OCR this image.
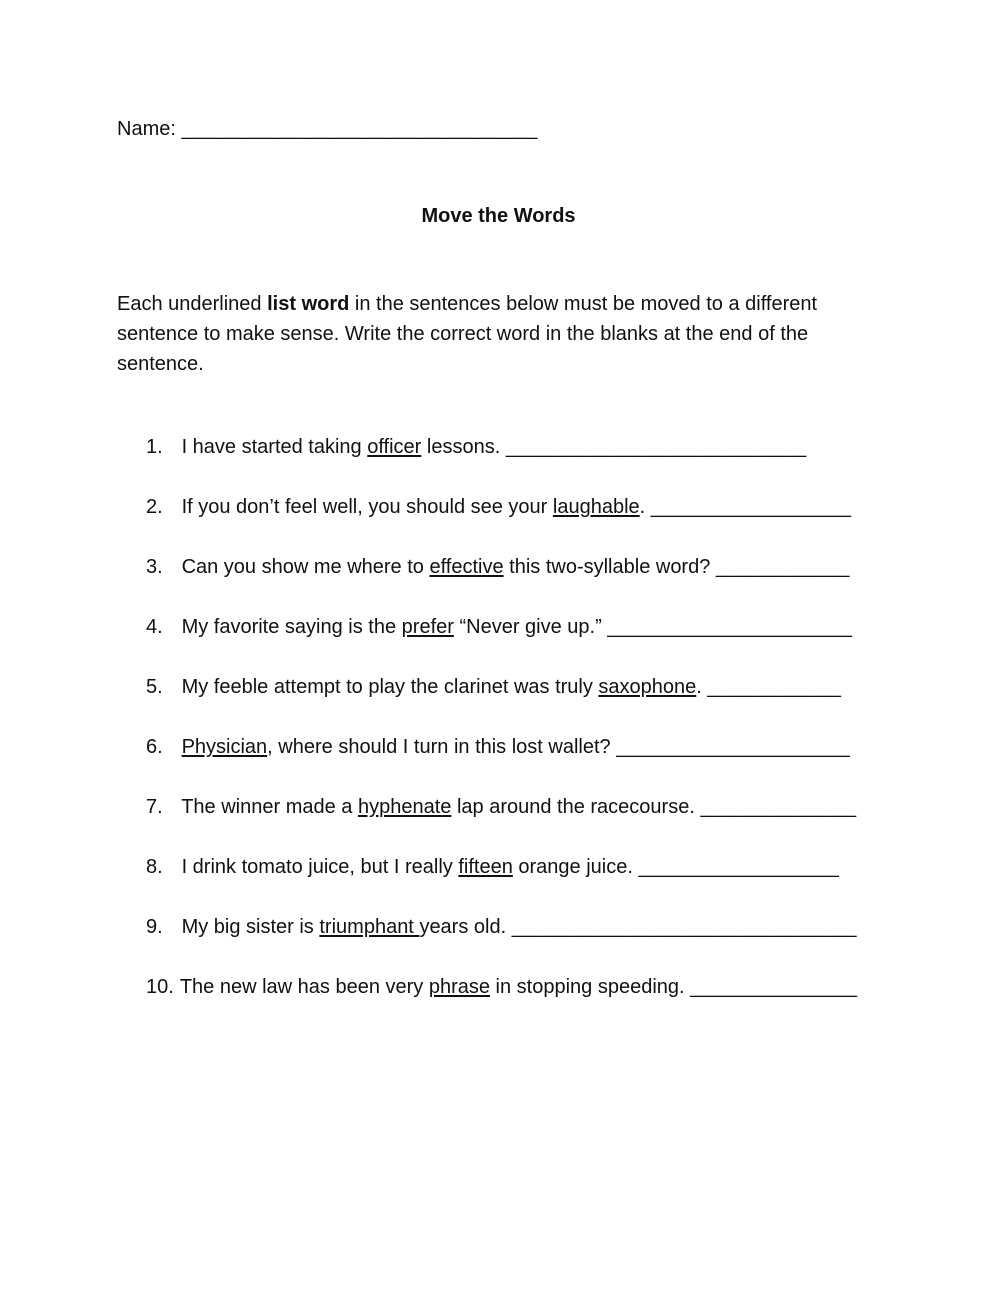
Name: ________________________________
Move the Words
Each underlined list word in the sentences below must be moved to a different sentence to make sense. Write the correct word in the blanks at the end of the sentence.
1. I have started taking officer lessons. ___________________________
2. If you don’t feel well, you should see your laughable. __________________
3. Can you show me where to effective this two-syllable word? ____________
4. My favorite saying is the prefer “Never give up.” ______________________
5. My feeble attempt to play the clarinet was truly saxophone. ____________
6. Physician, where should I turn in this lost wallet? _____________________
7. The winner made a hyphenate lap around the racecourse. ______________
8. I drink tomato juice, but I really fifteen orange juice. __________________
9. My big sister is triumphant years old. _______________________________
10. The new law has been very phrase in stopping speeding. _______________
